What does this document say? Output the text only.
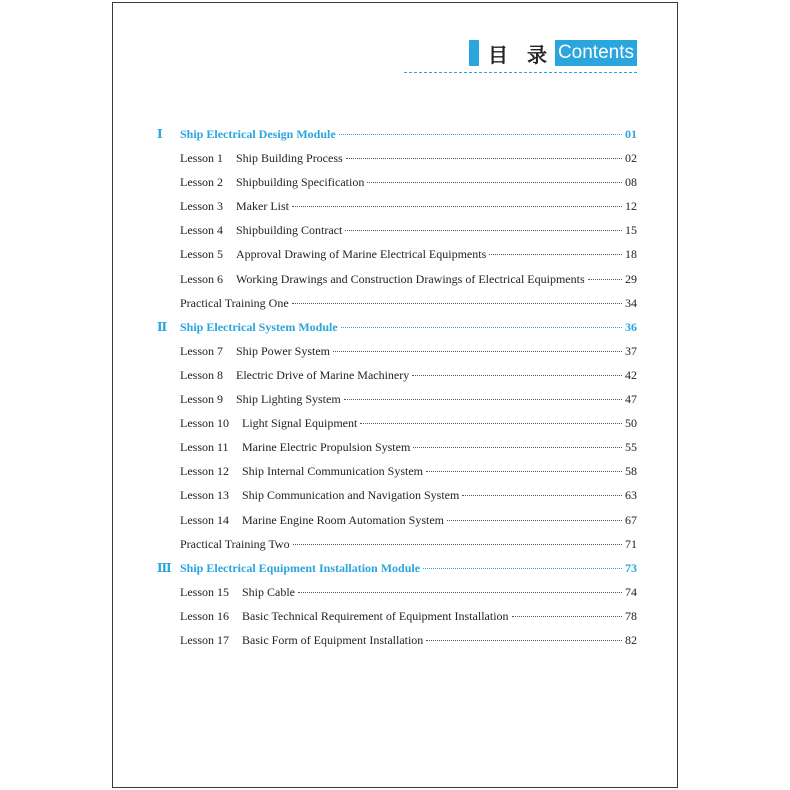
目 录 Contents
Ⅰ	Ship Electrical Design Module	01
Lesson 1	Ship Building Process	02
Lesson 2	Shipbuilding Specification	08
Lesson 3	Maker List	12
Lesson 4	Shipbuilding Contract	15
Lesson 5	Approval Drawing of Marine Electrical Equipments	18
Lesson 6	Working Drawings and Construction Drawings of Electrical Equipments	29
Practical Training One	34
Ⅱ	Ship Electrical System Module	36
Lesson 7	Ship Power System	37
Lesson 8	Electric Drive of Marine Machinery	42
Lesson 9	Ship Lighting System	47
Lesson 10	Light Signal Equipment	50
Lesson 11	Marine Electric Propulsion System	55
Lesson 12	Ship Internal Communication System	58
Lesson 13	Ship Communication and Navigation System	63
Lesson 14	Marine Engine Room Automation System	67
Practical Training Two	71
Ⅲ Ship Electrical Equipment Installation Module	73
Lesson 15	Ship Cable	74
Lesson 16	Basic Technical Requirement of Equipment Installation	78
Lesson 17	Basic Form of Equipment Installation	82
